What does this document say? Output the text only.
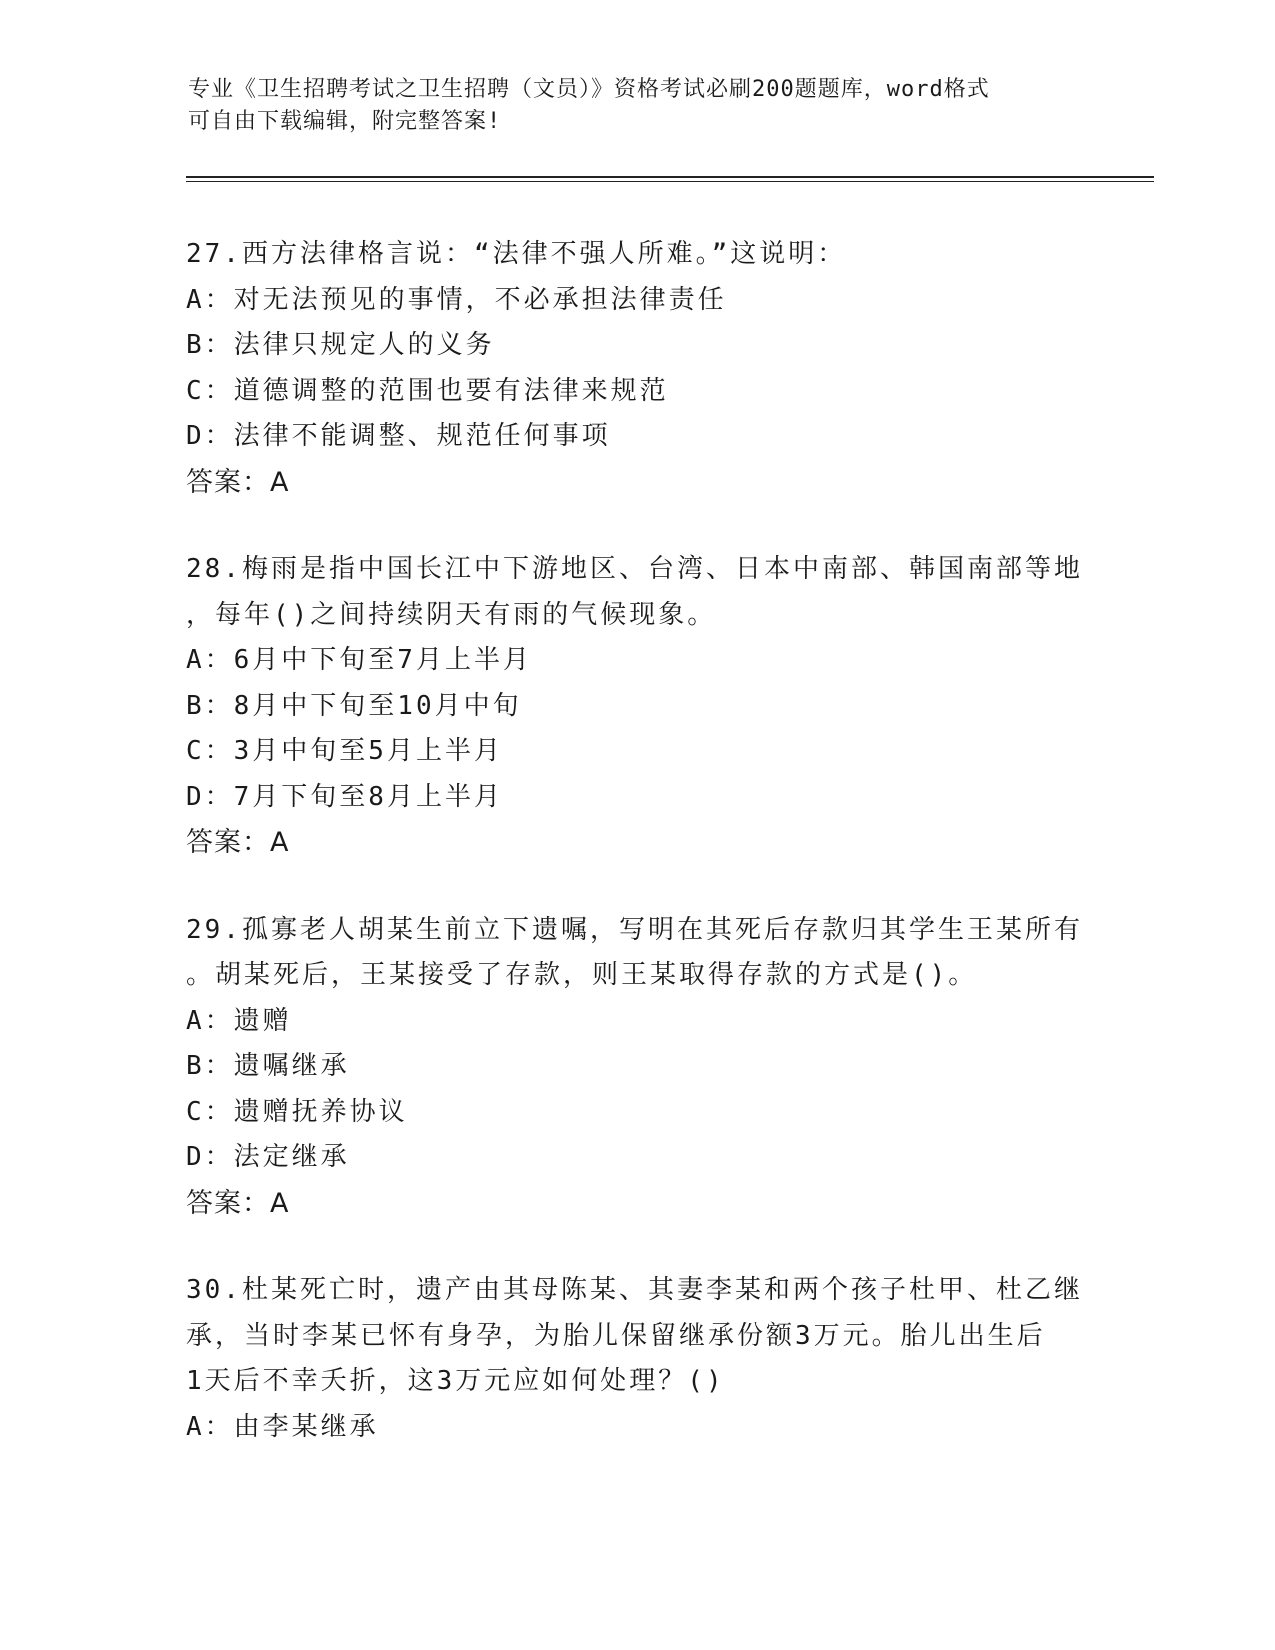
专业《卫生招聘考试之卫生招聘（文员）》资格考试必刷200题题库，word格式
可自由下载编辑，附完整答案!
27.西方法律格言说：“法律不强人所难。”这说明：
A：对无法预见的事情，不必承担法律责任
B：法律只规定人的义务
C：道德调整的范围也要有法律来规范
D：法律不能调整、规范任何事项
答案：A
28.梅雨是指中国长江中下游地区、台湾、日本中南部、韩国南部等地
，每年()之间持续阴天有雨的气候现象。
A：6月中下旬至7月上半月
B：8月中下旬至10月中旬
C：3月中旬至5月上半月
D：7月下旬至8月上半月
答案：A
29.孤寡老人胡某生前立下遗嘱，写明在其死后存款归其学生王某所有
。胡某死后，王某接受了存款，则王某取得存款的方式是()。
A：遗赠
B：遗嘱继承
C：遗赠抚养协议
D：法定继承
答案：A
30.杜某死亡时，遗产由其母陈某、其妻李某和两个孩子杜甲、杜乙继
承，当时李某已怀有身孕，为胎儿保留继承份额3万元。胎儿出生后
1天后不幸夭折，这3万元应如何处理？()
A：由李某继承
